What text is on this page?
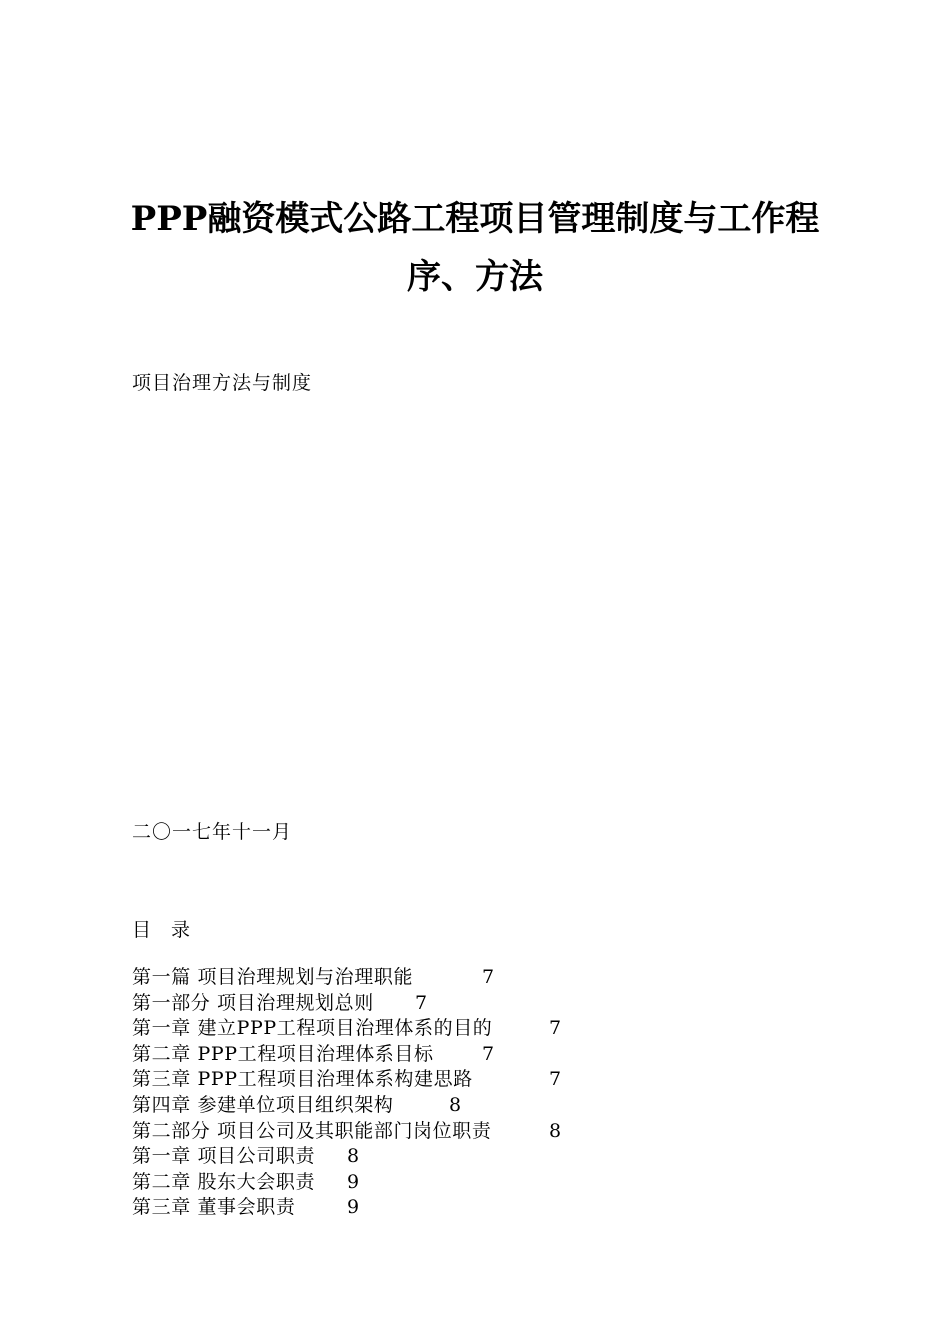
PPP融资模式公路工程项目管理制度与工作程
序、方法
项目治理方法与制度
二〇一七年十一月
目 录
第一篇 项目治理规划与治理职能	7
第一部分 项目治理规划总则 7
第一章 建立PPP工程项目治理体系的目的	7
第二章 PPP工程项目治理体系目标	7
第三章 PPP工程项目治理体系构建思路	7
第四章 参建单位项目组织架构	8
第二部分 项目公司及其职能部门岗位职责	8
第一章 项目公司职责 8
第二章 股东大会职责 9
第三章 董事会职责	9
